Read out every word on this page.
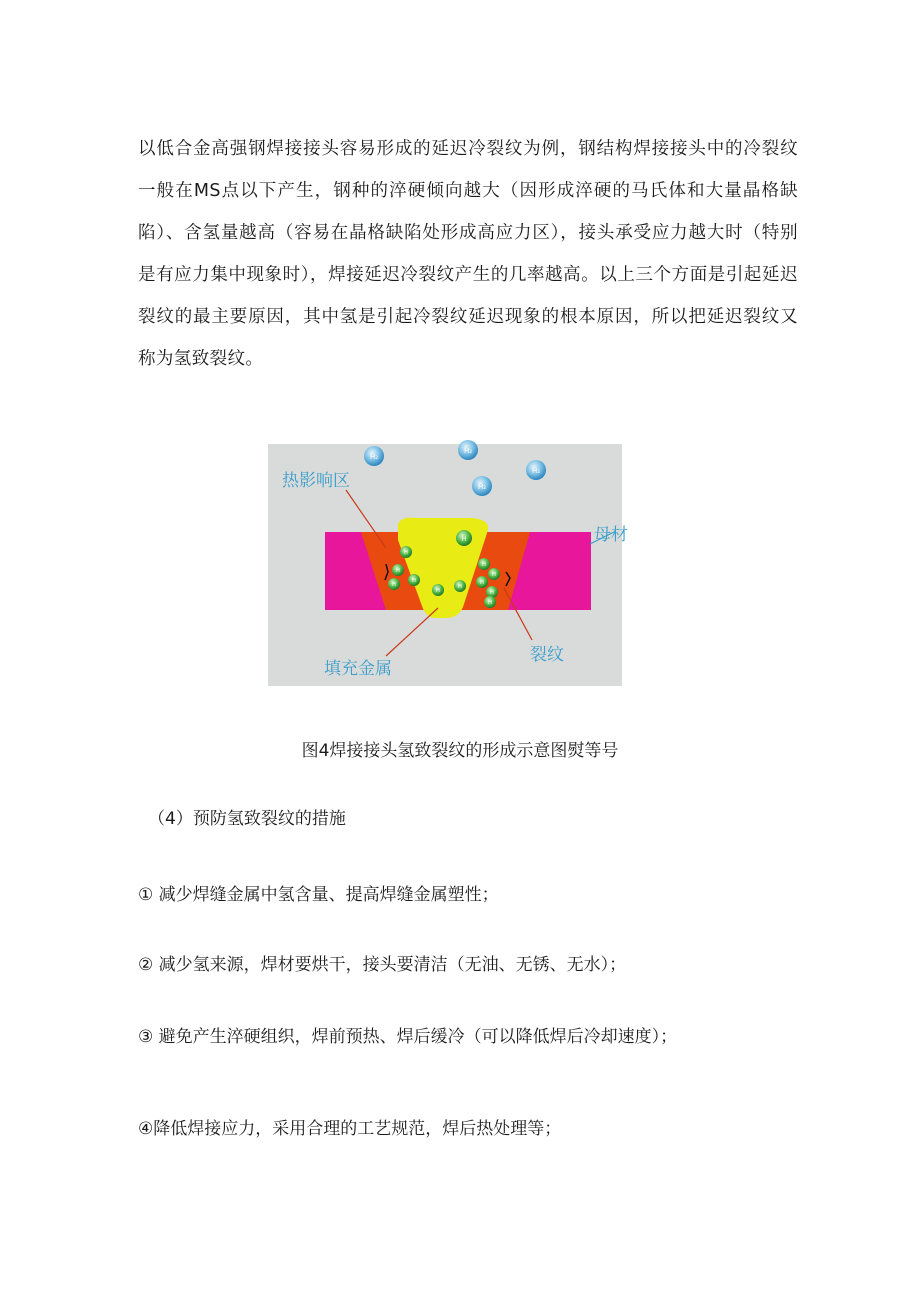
以低合金高强钢焊接接头容易形成的延迟冷裂纹为例，钢结构焊接接头中的冷裂纹一般在MS点以下产生，钢种的淬硬倾向越大（因形成淬硬的马氏体和大量晶格缺陷）、含氢量越高（容易在晶格缺陷处形成高应力区），接头承受应力越大时（特别是有应力集中现象时），焊接延迟冷裂纹产生的几率越高。以上三个方面是引起延迟裂纹的最主要原因，其中氢是引起冷裂纹延迟现象的根本原因，所以把延迟裂纹又称为氢致裂纹。

H₂
H₂
H₂
H₂
H
H
H
H
H
H
H
H
H
H
H
H
热影响区
母材
填充金属
裂纹

图4焊接接头氢致裂纹的形成示意图熨等号

（4）预防氢致裂纹的措施

① 减少焊缝金属中氢含量、提高焊缝金属塑性；

② 减少氢来源，焊材要烘干，接头要清洁（无油、无锈、无水）；

③ 避免产生淬硬组织，焊前预热、焊后缓冷（可以降低焊后冷却速度）；

④降低焊接应力，采用合理的工艺规范，焊后热处理等；
